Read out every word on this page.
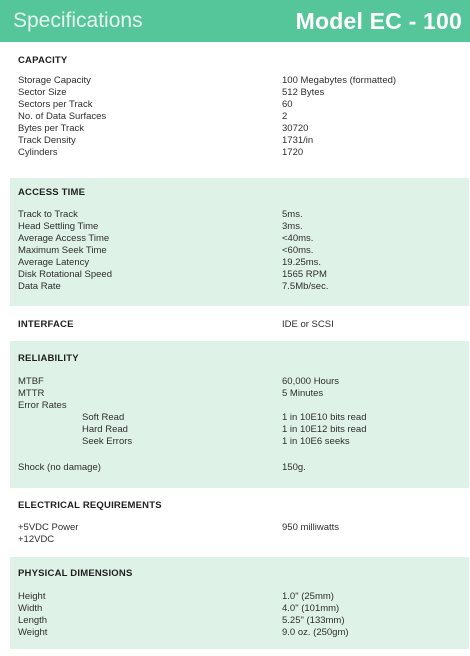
Specifications	Model EC - 100
CAPACITY
Storage Capacity	100 Megabytes (formatted)
Sector Size	512 Bytes
Sectors per Track	60
No. of Data Surfaces	2
Bytes per Track	30720
Track Density	1731/in
Cylinders	1720
ACCESS TIME
Track to Track	5ms.
Head Settling Time	3ms.
Average Access Time	<40ms.
Maximum Seek Time	<60ms.
Average Latency	19.25ms.
Disk Rotational Speed	1565 RPM
Data Rate	7.5Mb/sec.
INTERFACE	IDE or SCSI
RELIABILITY
MTBF	60,000 Hours
MTTR	5 Minutes
Error Rates
Soft Read	1 in 10E10 bits read
Hard Read	1 in 10E12 bits read
Seek Errors	1 in 10E6 seeks
Shock (no damage)	150g.
ELECTRICAL REQUIREMENTS
+5VDC Power	950 milliwatts
+12VDC
PHYSICAL DIMENSIONS
Height	1.0" (25mm)
Width	4.0" (101mm)
Length	5.25" (133mm)
Weight	9.0 oz. (250gm)
